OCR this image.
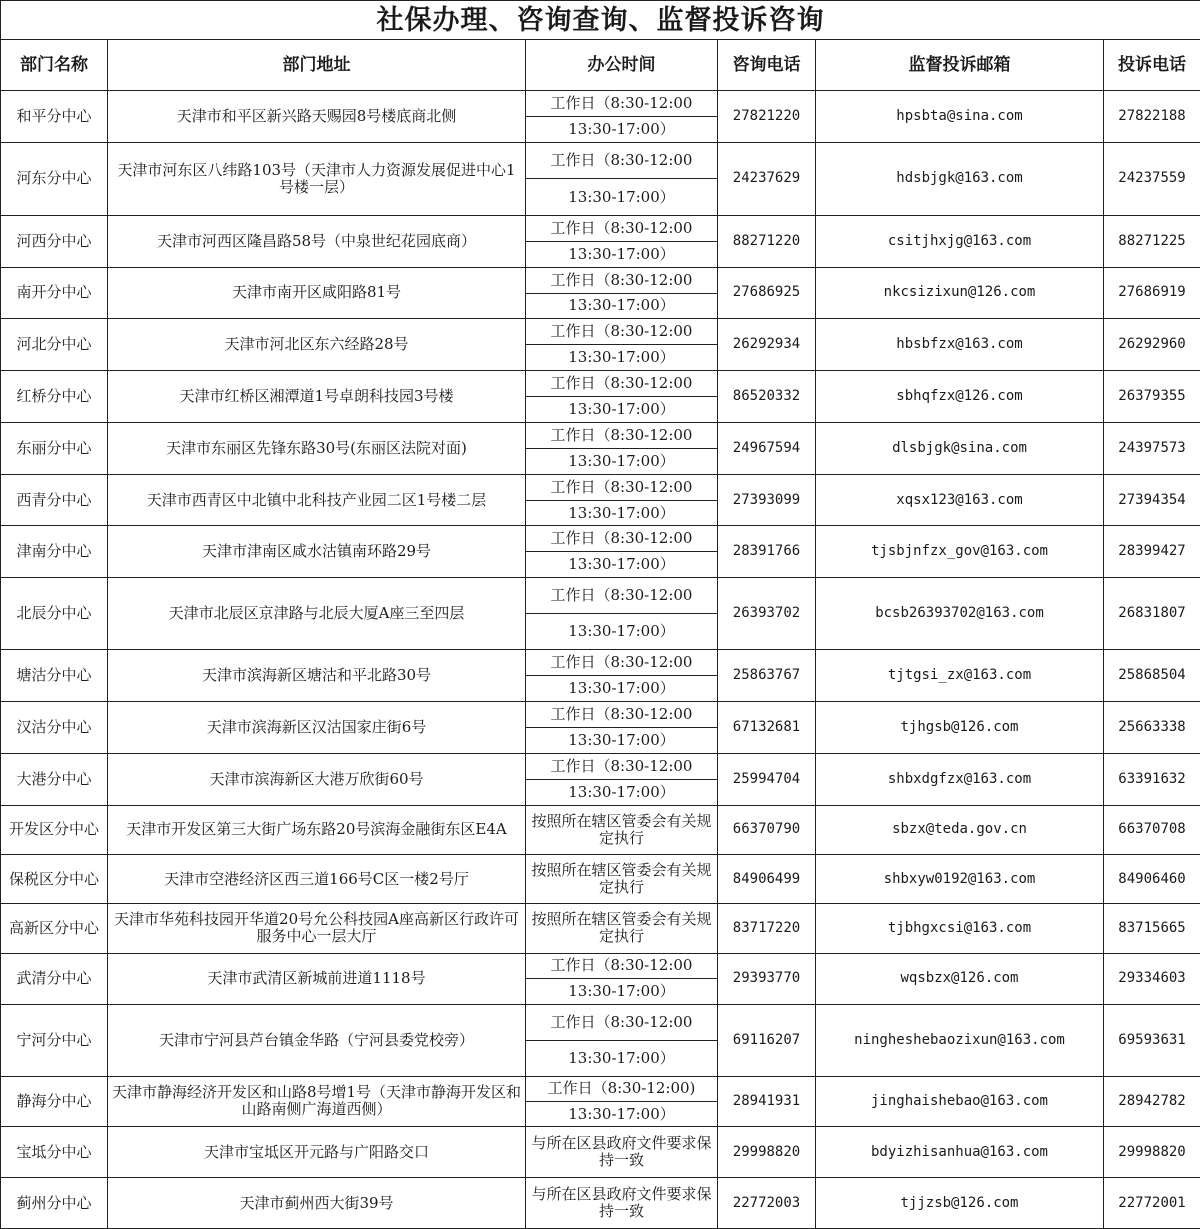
社保办理、咨询查询、监督投诉咨询					
部门名称	部门地址	办公时间	咨询电话	监督投诉邮箱	投诉电话
和平分中心	天津市和平区新兴路天赐园8号楼底商北侧	工作日（8:30-12:00
13:30-17:00）	27821220	hpsbta@sina.com	27822188
河东分中心	天津市河东区八纬路103号（天津市人力资源发展促进中心1号楼一层）	工作日（8:30-12:00
13:30-17:00）	24237629	hdsbjgk@163.com	24237559
河西分中心	天津市河西区隆昌路58号（中泉世纪花园底商）	工作日（8:30-12:00
13:30-17:00）	88271220	csitjhxjg@163.com	88271225
南开分中心	天津市南开区咸阳路81号	工作日（8:30-12:00
13:30-17:00）	27686925	nkcsizixun@126.com	27686919
河北分中心	天津市河北区东六经路28号	工作日（8:30-12:00
13:30-17:00）	26292934	hbsbfzx@163.com	26292960
红桥分中心	天津市红桥区湘潭道1号卓朗科技园3号楼	工作日（8:30-12:00
13:30-17:00）	86520332	sbhqfzx@126.com	26379355
东丽分中心	天津市东丽区先锋东路30号(东丽区法院对面)	工作日（8:30-12:00
13:30-17:00）	24967594	dlsbjgk@sina.com	24397573
西青分中心	天津市西青区中北镇中北科技产业园二区1号楼二层	工作日（8:30-12:00
13:30-17:00）	27393099	xqsx123@163.com	27394354
津南分中心	天津市津南区咸水沽镇南环路29号	工作日（8:30-12:00
13:30-17:00）	28391766	tjsbjnfzx_gov@163.com	28399427
北辰分中心	天津市北辰区京津路与北辰大厦A座三至四层	工作日（8:30-12:00
13:30-17:00）	26393702	bcsb26393702@163.com	26831807
塘沽分中心	天津市滨海新区塘沽和平北路30号	工作日（8:30-12:00
13:30-17:00）	25863767	tjtgsi_zx@163.com	25868504
汉沽分中心	天津市滨海新区汉沽国家庄街6号	工作日（8:30-12:00
13:30-17:00）	67132681	tjhgsb@126.com	25663338
大港分中心	天津市滨海新区大港万欣街60号	工作日（8:30-12:00
13:30-17:00）	25994704	shbxdgfzx@163.com	63391632
开发区分中心	天津市开发区第三大街广场东路20号滨海金融街东区E4A	按照所在辖区管委会有关规定执行	66370790	sbzx@teda.gov.cn	66370708
保税区分中心	天津市空港经济区西三道166号C区一楼2号厅	按照所在辖区管委会有关规定执行	84906499	shbxyw0192@163.com	84906460
高新区分中心	天津市华苑科技园开华道20号允公科技园A座高新区行政许可服务中心一层大厅	按照所在辖区管委会有关规定执行	83717220	tjbhgxcsi@163.com	83715665
武清分中心	天津市武清区新城前进道1118号	工作日（8:30-12:00
13:30-17:00）	29393770	wqsbzx@126.com	29334603
宁河分中心	天津市宁河县芦台镇金华路（宁河县委党校旁）	工作日（8:30-12:00
13:30-17:00）	69116207	ningheshebaozixun@163.com	69593631
静海分中心	天津市静海经济开发区和山路8号增1号（天津市静海开发区和山路南侧广海道西侧）	工作日（8:30-12:00)
13:30-17:00）	28941931	jinghaishebao@163.com	28942782
宝坻分中心	天津市宝坻区开元路与广阳路交口	与所在区县政府文件要求保持一致	29998820	bdyizhisanhua@163.com	29998820
蓟州分中心	天津市蓟州西大街39号	与所在区县政府文件要求保持一致	22772003	tjjzsb@126.com	22772001
